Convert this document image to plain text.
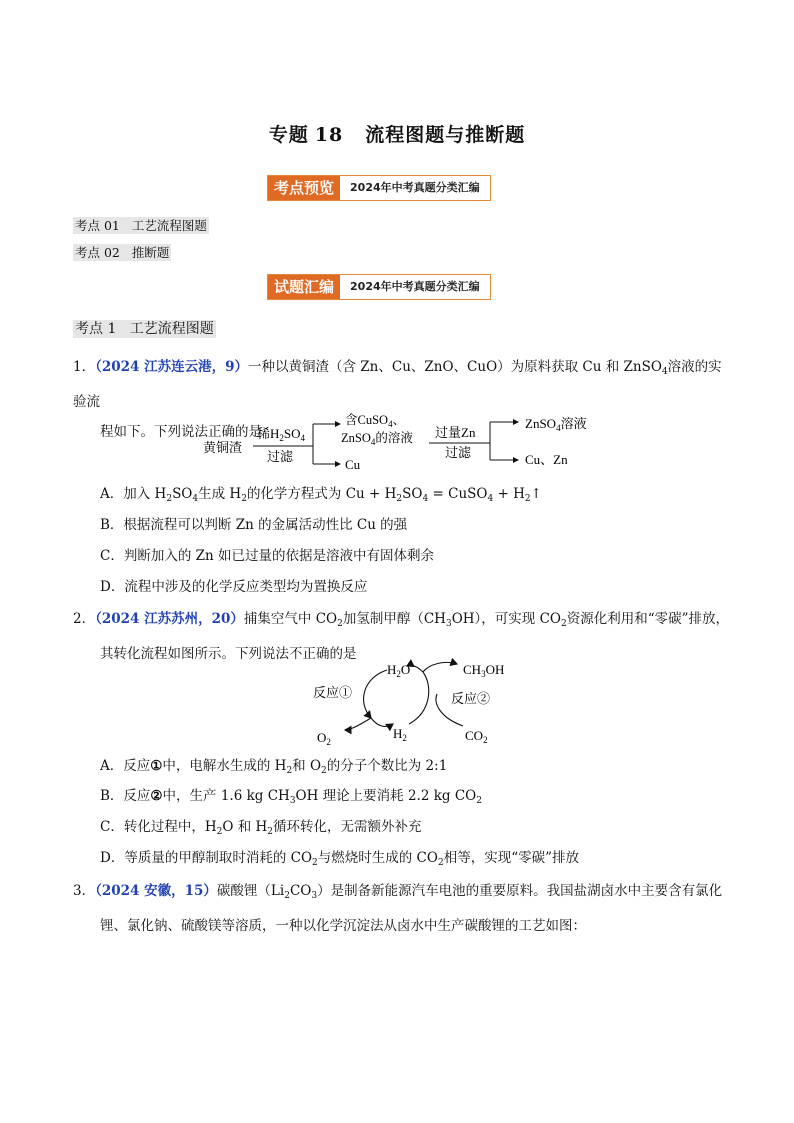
专题 18 流程图题与推断题
考点预览	2024年中考真题分类汇编
考点 01 工艺流程图题
考点 02 推断题
试题汇编	2024年中考真题分类汇编
考点 1 工艺流程图题
1．（2024 江苏连云港，9）一种以黄铜渣（含 Zn、Cu、ZnO、CuO）为原料获取 Cu 和 ZnSO$_4$溶液的实验流
程如下。下列说法正确的是
黄铜渣
稀$H_2SO_4$
过滤
含CuSO$_4$、
ZnSO$_4$的溶液
Cu
过量Zn
过滤
ZnSO$_4$溶液
Cu、Zn
A．加入 $H_2SO_4$生成 $H_2$的化学方程式为 $Cu + H_2SO_4$ = CuSO$_4$ + $H_2↑$
B．根据流程可以判断 Zn 的金属活动性比 Cu 的强
C．判断加入的 Zn 如已过量的依据是溶液中有固体剩余
D．流程中涉及的化学反应类型均为置换反应
2．（2024 江苏苏州，20）捕集空气中 $CO_2$加氢制甲醇$(CH_3OH)$，可实现 $CO_2$资源化利用和“零碳”排放，
其转化流程如图所示。下列说法不正确的是
$H_2O$	$CH_3OH$
反应①	反应②
$O_2$
$H_2$	$CO_2$
A．反应①中，电解水生成的 $H_2$和 $O_2$的分子个数比为 2:1
B．反应②中，生产 1.6 kg $CH_3OH$ 理论上要消耗 2.2 kg $CO_2$
C．转化过程中，$H_2O$ 和 $H_2$循环转化，无需额外补充
D．等质量的甲醇制取时消耗的 $CO_2$与燃烧时生成的 $CO_2$相等，实现“零碳”排放
3．（2024 安徽，15）碳酸锂$(Li_2CO_3)$是制备新能源汽车电池的重要原料。我国盐湖卤水中主要含有氯化
锂、氯化钠、硫酸镁等溶质，一种以化学沉淀法从卤水中生产碳酸锂的工艺如图：
